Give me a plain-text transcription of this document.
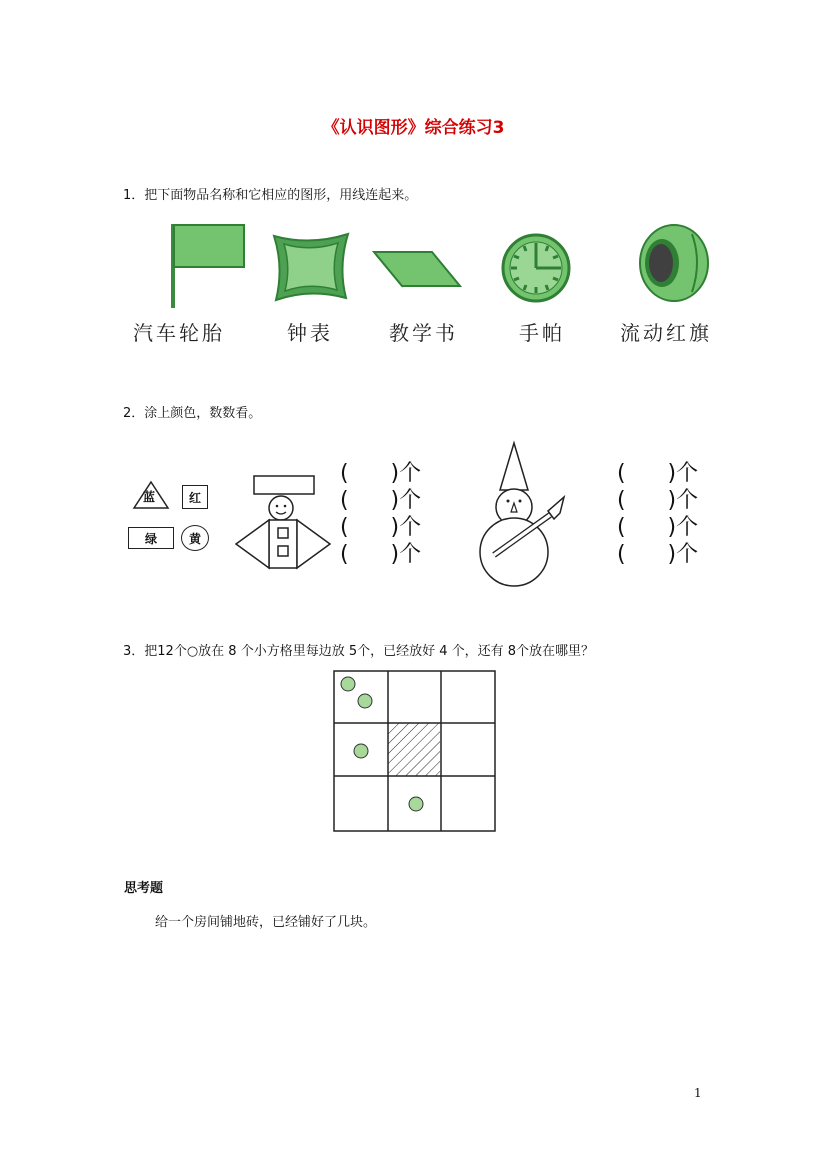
《认识图形》综合练习3
1．把下面物品名称和它相应的图形，用线连起来。
汽车轮胎	钟表	教学书	手帕	流动红旗
2．涂上颜色，数数看。
蓝	红
绿	黄
(      )个
(      )个
(      )个
(      )个
(      )个
(      )个
(      )个
(      )个
3．把12个○放在 8 个小方格里每边放 5个，已经放好 4 个，还有 8个放在哪里？
思考题
给一个房间铺地砖，已经铺好了几块。
1
